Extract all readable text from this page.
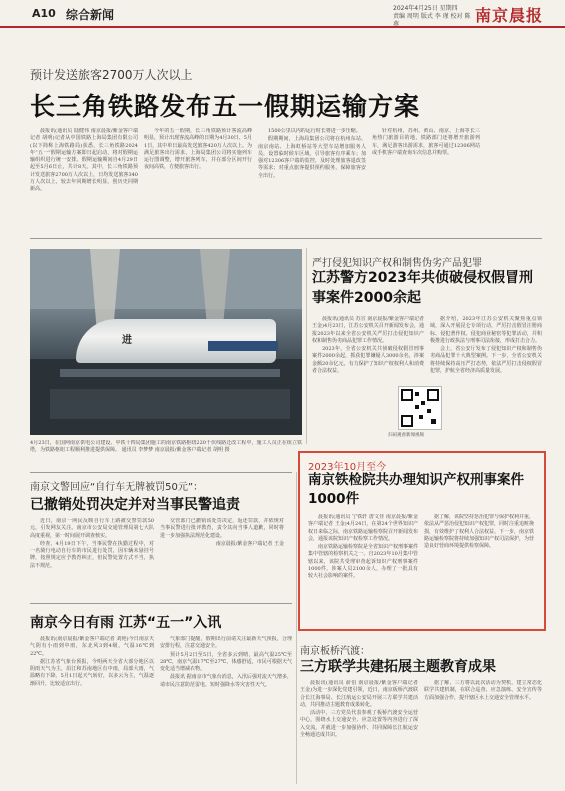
A10 综合新闻	2024年4月25日 星期四
责编 周明 版式 李 瑾 校对 陈 燕	南京晨报
预计发送旅客2700万人次以上
长三角铁路发布五一假期运输方案

晨报讯(通讯员 陆健伟 南京晨报/紫金客户端记者 胡明)记者从中国铁路上海局集团有限公司(以下简称上海铁路局)获悉，长三角铁路2024年“五一”假期运输方案即日起启动，将对假期运输组织进行统一安排。假期运输期间自4月29日起至5月6日止，共计8天。其中，长三角铁路预计发送旅客2700万人次以上，日均发送旅客340万人次以上，较去年同期增长明显，创历史同期新高。

今年的五一假期，长三角铁路预计客流高峰明显，预计出现客流高峰的日期为4月30日、5月1日，其中单日最高发送旅客420万人次以上。为满足旅客出行需求，上海局集团公司将实施列车运行图调整，增开旅客列车，并在部分区间开行夜间高铁，方便旅客出行。

1500公里以内的运行时长将进一步压缩。

假期期间，上海局集团公司将在杭州东站、南京南站、上海虹桥站等大型车站增加服务人员，设置临时候车区域，引导旅客有序乘车；加强对12306客户端的监控，及时处理旅客退改签等需求；对重点旅客提供预约服务，保障旅客安全出行。

针对杭州、苏州、黄山、南京、上海等长三角热门旅游目的地，铁路部门还将增开旅游列车，满足游客出游需求，旅客可通过12306网站或手机客户端查询车次信息并购票。

进
4月23日，在国网南京供电公司建设、中铁十四局集团施工的南京铁路枢纽220千伏线路迁改工程中，施工人员正在组立铁塔，为铁路枢纽工程顺利推进提供保障。 通讯员 李梦梦 南京晨报/紫金客户端记者 胡明 摄
严打侵犯知识产权和制售伪劣产品犯罪
江苏警方2023年共侦破侵权假冒刑事案件2000余起

晨报讯(通讯员 苏宣 南京晨报/紫金客户端记者 王金)4月23日，江苏公安机关召开新闻发布会，通报2023年以来全省公安机关严厉打击侵犯知识产权和制售伪劣商品犯罪工作情况。

2023年，全省公安机关共侦破侵权假冒刑事案件2000余起，抓获犯罪嫌疑人3000余名，涉案金额20余亿元，有力保护了知识产权权利人和消费者合法权益。

据介绍，2023年江苏公安机关聚焦重点领域，深入开展昆仑专项行动，严厉打击假冒注册商标、侵犯著作权、侵犯商业秘密等犯罪活动，并积极推进行政执法与刑事司法衔接，形成打击合力。

会上，省公安厅发布了侵犯知识产权和制售伪劣商品犯罪十大典型案例。下一步，全省公安机关将持续保持高压严打态势，依法严厉打击侵权假冒犯罪，护航全省经济高质量发展。

扫码观看新闻视频
南京文警回应“自行车无牌被罚50元”：
已撤销处罚决定并对当事民警追责

近日，南京一网民反映自行车上路被交警罚款50元，引发网友关注。南京市公安局交通管理局第七大队高度重视，第一时间展开调查核实。

经查，4月19日下午，当事民警在执勤过程中，对一名骑行电动自行车的市民进行处罚，因车辆未悬挂号牌，按照规定应予教育纠正，但民警处置方式不当，执法不规范。

交管部门已撤销该处罚决定，返还罚款，并依规对当事民警进行批评教育，责令其向当事人道歉，同时将进一步加强执法规范化建设。

南京晨报/紫金客户端记者 王金

南京今日有雨 江苏“五一”入讯

晨报讯(南京晨报/紫金客户端记者 刘艳)今日南京天气阴有小雨到中雨，东北风3到4级，气温16℃到22℃。

据江苏省气象台预报，今明两天全省大部分地区以阴雨天气为主，沿江和苏南地区有中雨，局部大雨，气温略有下降。5月1日起天气转好，以多云为主，气温逐渐回升，比较适宜出行。

气象部门提醒，假期出行前请关注最新天气预报，合理安排行程，注意交通安全。

预计5月2日至5日，全省多云到晴，最高气温25℃至28℃，南京气温17℃至27℃，体感舒适，市民可根据天气变化适当增减衣物。

晨报讯 据南京市气象台消息，入汛后强对流天气增多，请市民注意防范雷电、短时强降水等灾害性天气。

2023年10月至今
南京铁检院共办理知识产权刑事案件1000件

晨报讯(通讯员 宁铁轩 唐文佳 南京晨报/紫金客户端记者 王金)4月24日，在第24个世界知识产权日来临之际，南京铁路运输检察院召开新闻发布会，通报该院知识产权检察工作情况。

南京铁路运输检察院是全省知识产权刑事案件集中管辖的检察机关之一。自2023年10月集中管辖以来，该院共受理审查起诉知识产权刑事案件1000件，涉案人员2100余人，办理了一批具有较大社会影响的案件。

据了解，该院坚持惩治犯罪与保护权利并重，依法从严惩治侵犯知识产权犯罪，同时注重追赃挽损，有效维护了权利人合法权益。下一步，南京铁路运输检察院将持续加强知识产权司法保护，为营造良好营商环境提供检察保障。

南京板桥汽渡：
三方联学共建拓展主题教育成果

晨报讯(通讯员 俞伯 南京晨报/紫金客户端记者 王金)为进一步深化党建引领，近日，南京板桥汽渡联合长江海事局、长江航运公安局开展三方联学共建活动，共同推动主题教育成果转化。

活动中，三方党员代表参观了板桥汽渡安全运营中心，围绕水上交通安全、应急处置等内容进行了深入交流，并就进一步加强协作、共同保障长江航运安全畅通达成共识。

据了解，三方将以此次活动为契机，建立常态化联学共建机制，在联合巡查、应急演练、安全宣传等方面加强合作，提升辖区水上交通安全管理水平。
